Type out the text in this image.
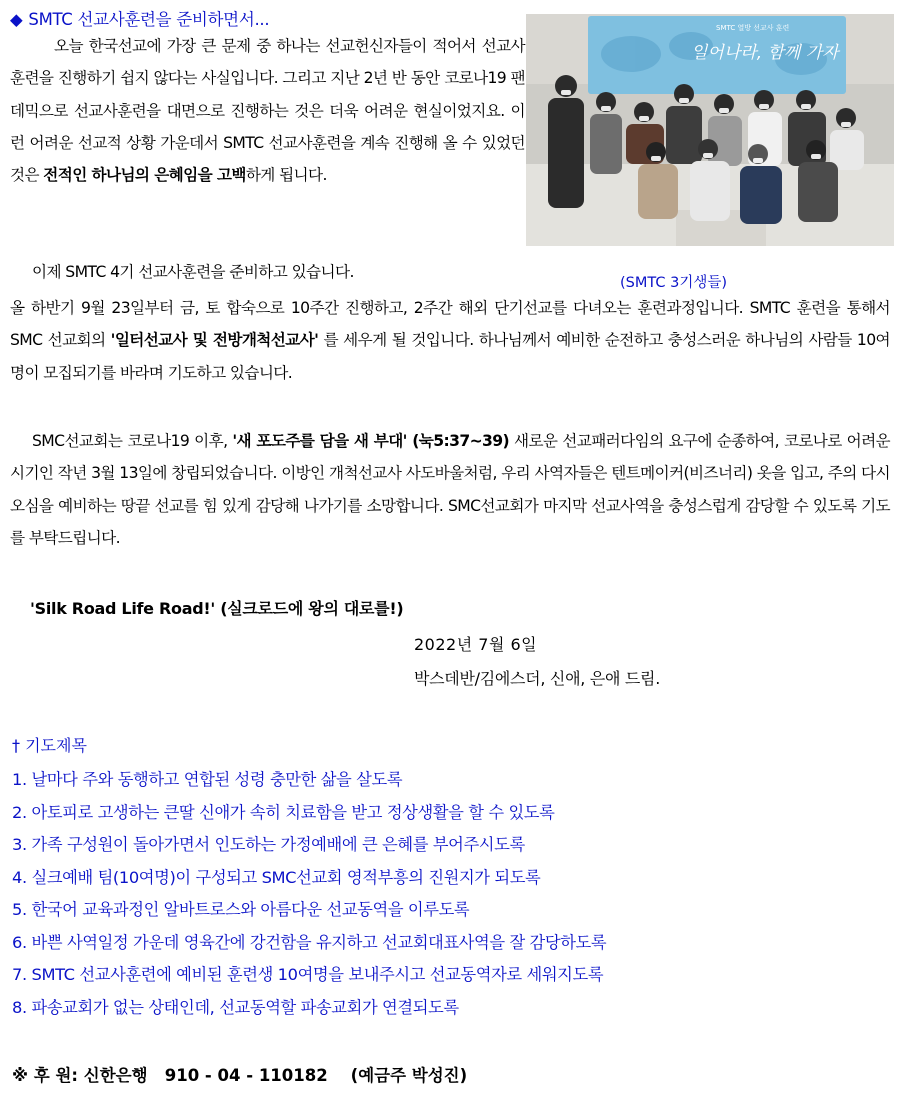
◆ SMTC 선교사훈련을 준비하면서...
오늘 한국선교에 가장 큰 문제 중 하나는 선교헌신자들이 적어서 선교사훈련을 진행하기 쉽지 않다는 사실입니다. 그리고 지난 2년 반 동안 코로나19 팬데믹으로 선교사훈련을 대면으로 진행하는 것은 더욱 어려운 현실이었지요. 이런 어려운 선교적 상황 가운데서 SMTC 선교사훈련을 계속 진행해 올 수 있었던 것은 전적인 하나님의 은혜임을 고백하게 됩니다.
SMTC 열방 선교사 훈련
일어나라, 함께 가자
이제 SMTC 4기 선교사훈련을 준비하고 있습니다.
(SMTC 3기생들)
올 하반기 9월 23일부터 금, 토 합숙으로 10주간 진행하고, 2주간 해외 단기선교를 다녀오는 훈련과정입니다. SMTC 훈련을 통해서 SMC 선교회의 '일터선교사 및 전방개척선교사' 를 세우게 될 것입니다. 하나님께서 예비한 순전하고 충성스러운 하나님의 사람들 10여 명이 모집되기를 바라며 기도하고 있습니다.
SMC선교회는 코로나19 이후, '새 포도주를 담을 새 부대' (눅5:37~39) 새로운 선교패러다임의 요구에 순종하여, 코로나로 어려운 시기인 작년 3월 13일에 창립되었습니다. 이방인 개척선교사 사도바울처럼, 우리 사역자들은 텐트메이커(비즈너리) 옷을 입고, 주의 다시 오심을 예비하는 땅끝 선교를 힘 있게 감당해 나가기를 소망합니다. SMC선교회가 마지막 선교사역을 충성스럽게 감당할 수 있도록 기도를 부탁드립니다.
'Silk Road Life Road!' (실크로드에 왕의 대로를!)
2022년 7월 6일
박스데반/김에스더, 신애, 은애 드림.
† 기도제목
1. 날마다 주와 동행하고 연합된 성령 충만한 삶을 살도록
2. 아토피로 고생하는 큰딸 신애가 속히 치료함을 받고 정상생활을 할 수 있도록
3. 가족 구성원이 돌아가면서 인도하는 가정예배에 큰 은혜를 부어주시도록
4. 실크예배 팀(10여명)이 구성되고 SMC선교회 영적부흥의 진원지가 되도록
5. 한국어 교육과정인 알바트로스와 아름다운 선교동역을 이루도록
6. 바쁜 사역일정 가운데 영육간에 강건함을 유지하고 선교회대표사역을 잘 감당하도록
7. SMTC 선교사훈련에 예비된 훈련생 10여명을 보내주시고 선교동역자로 세워지도록
8. 파송교회가 없는 상태인데, 선교동역할 파송교회가 연결되도록
※ 후 원: 신한은행   910 - 04 - 110182    (예금주 박성진)
